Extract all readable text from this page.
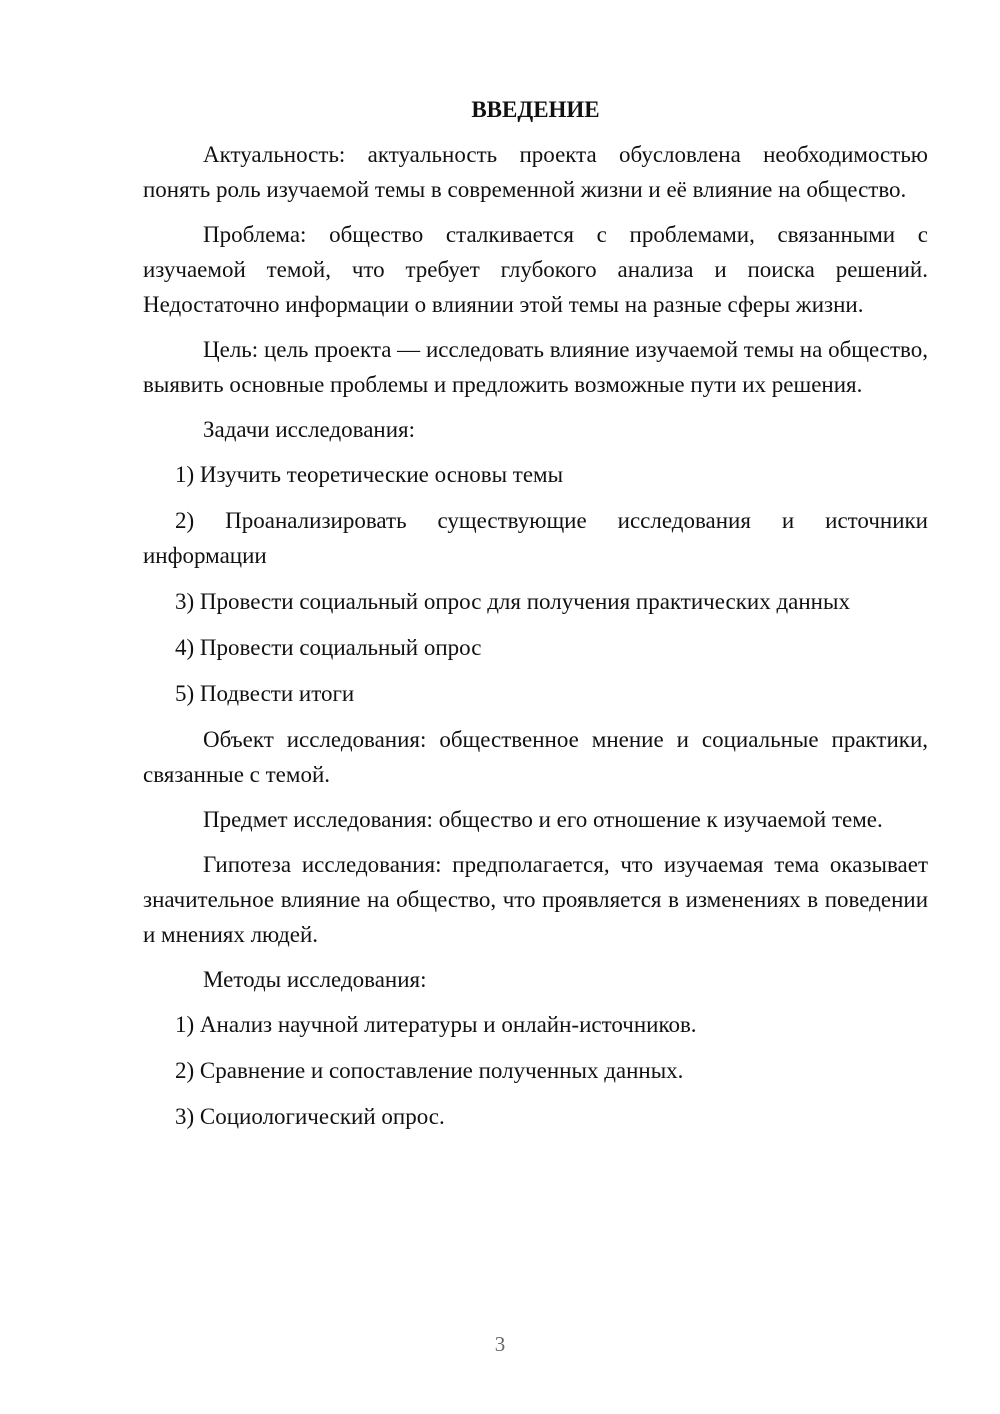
ВВЕДЕНИЕ

Актуальность: актуальность проекта обусловлена необходимостью понять роль изучаемой темы в современной жизни и её влияние на общество.

Проблема: общество сталкивается с проблемами, связанными с изучаемой темой, что требует глубокого анализа и поиска решений. Недостаточно информации о влиянии этой темы на разные сферы жизни.

Цель: цель проекта — исследовать влияние изучаемой темы на общество, выявить основные проблемы и предложить возможные пути их решения.

Задачи исследования:

1) Изучить теоретические основы темы

2) Проанализировать существующие исследования и источники информации

3) Провести социальный опрос для получения практических данных

4) Провести социальный опрос

5) Подвести итоги

Объект исследования: общественное мнение и социальные практики, связанные с темой.

Предмет исследования: общество и его отношение к изучаемой теме.

Гипотеза исследования: предполагается, что изучаемая тема оказывает значительное влияние на общество, что проявляется в изменениях в поведении и мнениях людей.

Методы исследования:

1) Анализ научной литературы и онлайн-источников.

2) Сравнение и сопоставление полученных данных.

3) Социологический опрос.

3
